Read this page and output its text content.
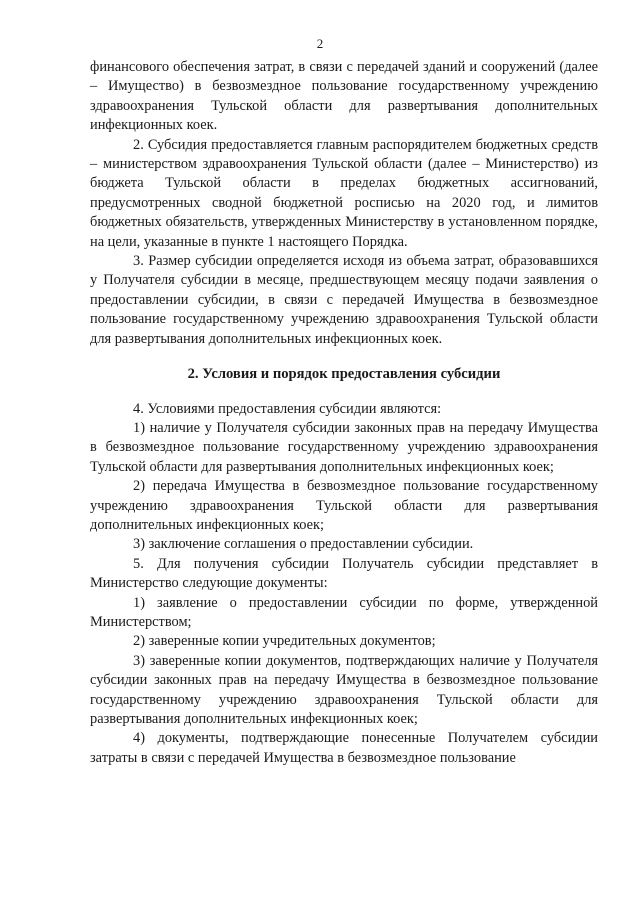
2

финансового обеспечения затрат, в связи с передачей зданий и сооружений (далее – Имущество) в безвозмездное пользование государственному учреждению здравоохранения Тульской области для развертывания дополнительных инфекционных коек.

2. Субсидия предоставляется главным распорядителем бюджетных средств – министерством здравоохранения Тульской области (далее – Министерство) из бюджета Тульской области в пределах бюджетных ассигнований, предусмотренных сводной бюджетной росписью на 2020 год, и лимитов бюджетных обязательств, утвержденных Министерству в установленном порядке, на цели, указанные в пункте 1 настоящего Порядка.

3. Размер субсидии определяется исходя из объема затрат, образовавшихся у Получателя субсидии в месяце, предшествующем месяцу подачи заявления о предоставлении субсидии, в связи с передачей Имущества в безвозмездное пользование государственному учреждению здравоохранения Тульской области для развертывания дополнительных инфекционных коек.

2. Условия и порядок предоставления субсидии

4. Условиями предоставления субсидии являются:

1) наличие у Получателя субсидии законных прав на передачу Имущества в безвозмездное пользование государственному учреждению здравоохранения Тульской области для развертывания дополнительных инфекционных коек;

2) передача Имущества в безвозмездное пользование государственному учреждению здравоохранения Тульской области для развертывания дополнительных инфекционных коек;

3) заключение соглашения о предоставлении субсидии.

5. Для получения субсидии Получатель субсидии представляет в Министерство следующие документы:

1) заявление о предоставлении субсидии по форме, утвержденной Министерством;

2) заверенные копии учредительных документов;

3) заверенные копии документов, подтверждающих наличие у Получателя субсидии законных прав на передачу Имущества в безвозмездное пользование государственному учреждению здравоохранения Тульской области для развертывания дополнительных инфекционных коек;

4) документы, подтверждающие понесенные Получателем субсидии затраты в связи с передачей Имущества в безвозмездное пользование
